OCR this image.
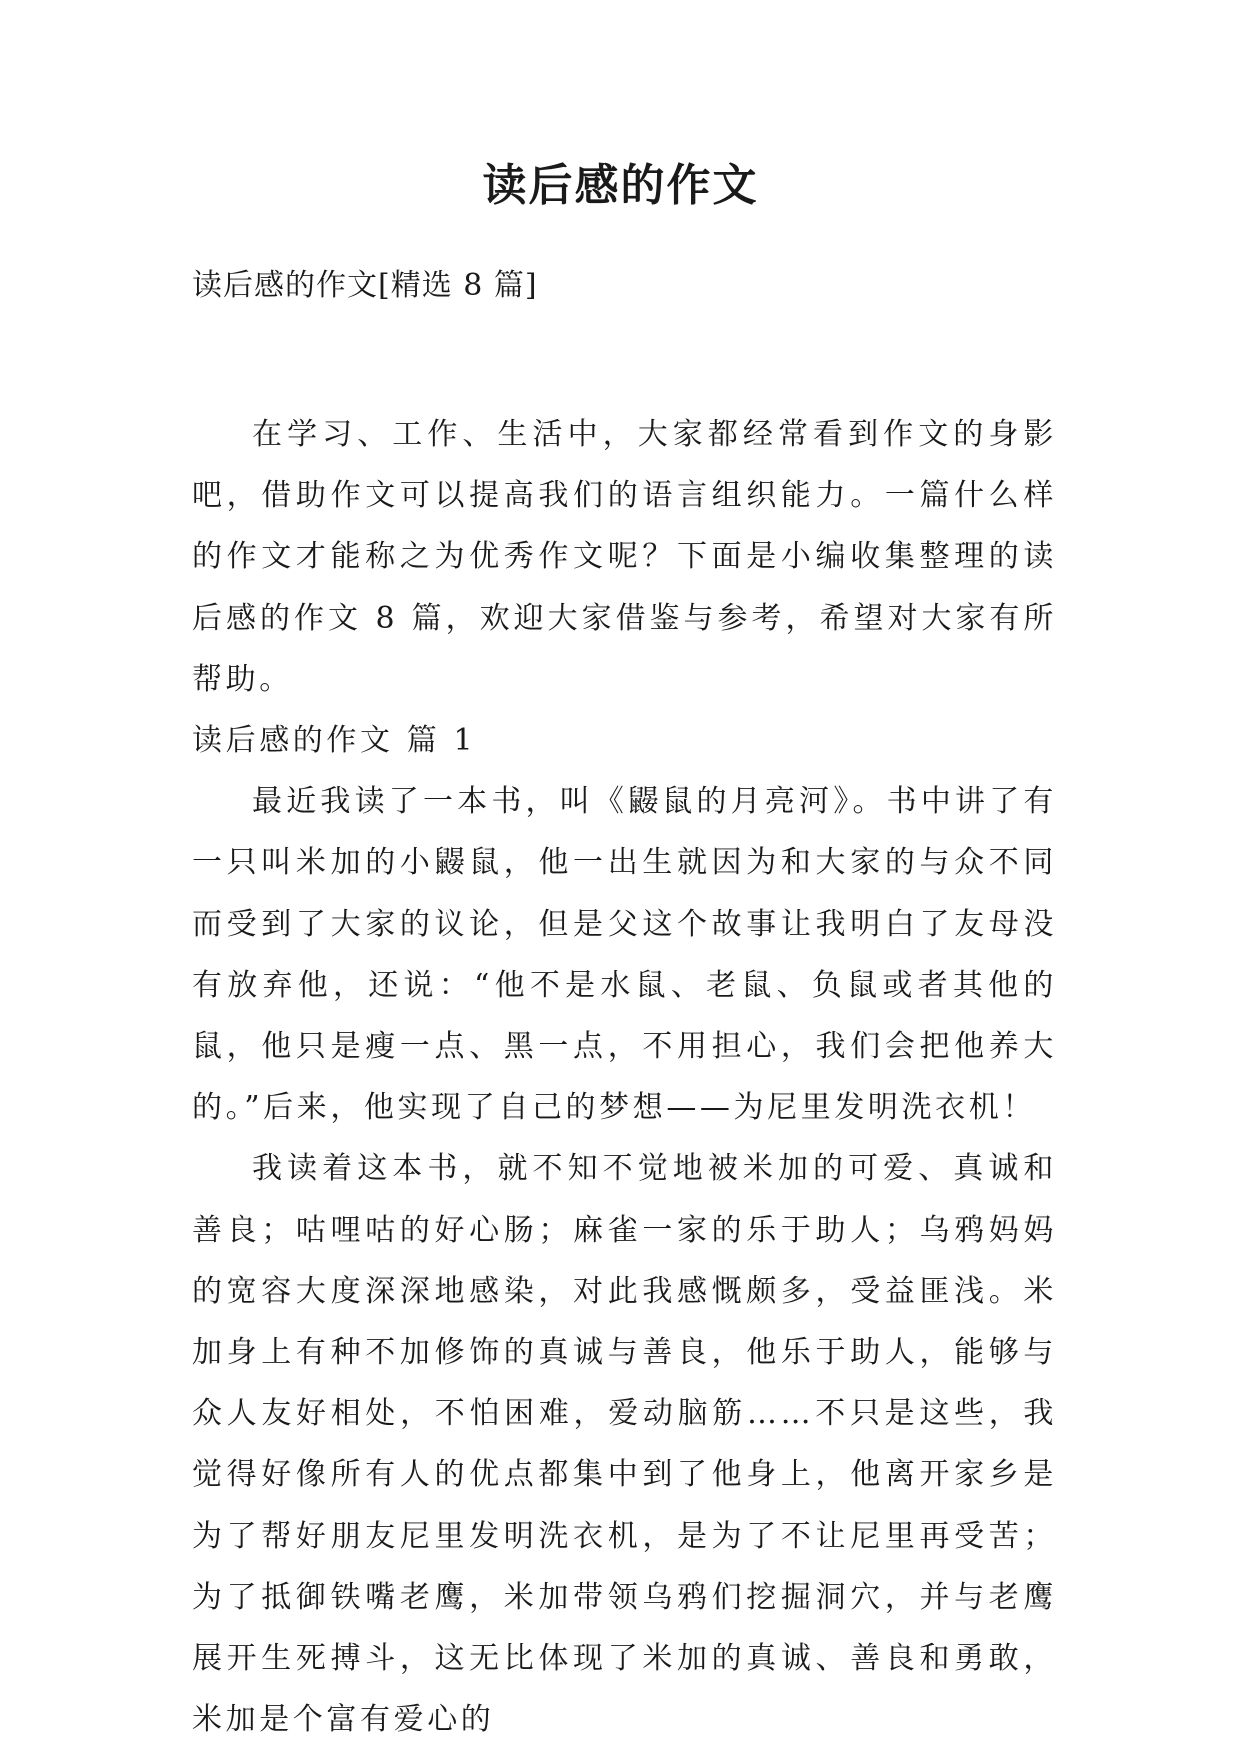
读后感的作文

读后感的作文[精选 8 篇]

在学习、工作、生活中，大家都经常看到作文的身影吧，借助作文可以提高我们的语言组织能力。一篇什么样的作文才能称之为优秀作文呢？下面是小编收集整理的读后感的作文 8 篇，欢迎大家借鉴与参考，希望对大家有所帮助。

读后感的作文 篇 1

最近我读了一本书，叫《鼹鼠的月亮河》。书中讲了有一只叫米加的小鼹鼠，他一出生就因为和大家的与众不同而受到了大家的议论，但是父这个故事让我明白了友母没有放弃他，还说：“他不是水鼠、老鼠、负鼠或者其他的鼠，他只是瘦一点、黑一点，不用担心，我们会把他养大的。”后来，他实现了自己的梦想——为尼里发明洗衣机！

我读着这本书，就不知不觉地被米加的可爱、真诚和善良；咕哩咕的好心肠；麻雀一家的乐于助人；乌鸦妈妈的宽容大度深深地感染，对此我感慨颇多，受益匪浅。米加身上有种不加修饰的真诚与善良，他乐于助人，能够与众人友好相处，不怕困难，爱动脑筋……不只是这些，我觉得好像所有人的优点都集中到了他身上，他离开家乡是为了帮好朋友尼里发明洗衣机，是为了不让尼里再受苦；为了抵御铁嘴老鹰，米加带领乌鸦们挖掘洞穴，并与老鹰展开生死搏斗，这无比体现了米加的真诚、善良和勇敢，米加是个富有爱心的
